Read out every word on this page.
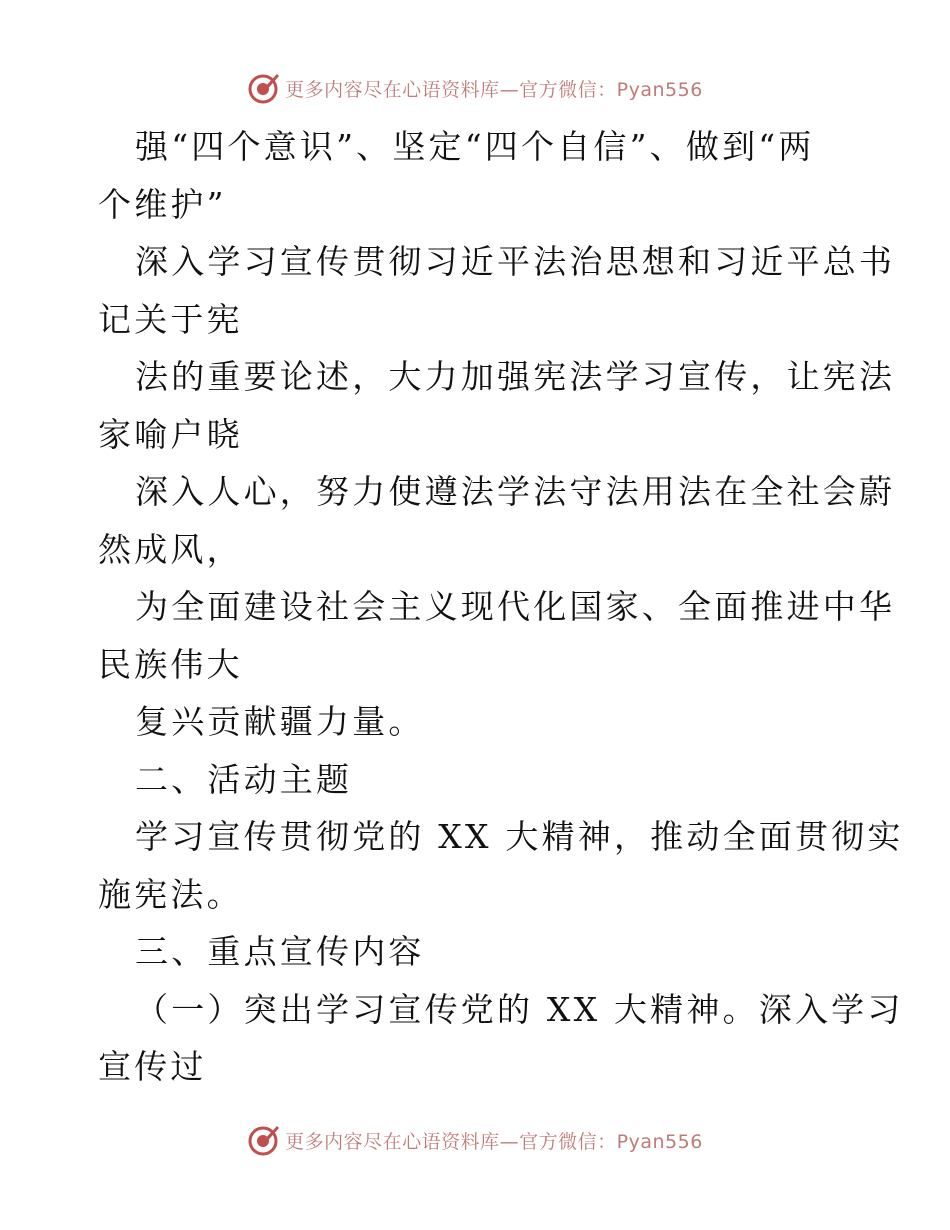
更多内容尽在心语资料库—官方微信：Pyan556
强“四个意识”、坚定“四个自信”、做到“两
个维护”
深入学习宣传贯彻习近平法治思想和习近平总书
记关于宪
法的重要论述，大力加强宪法学习宣传，让宪法
家喻户晓
深入人心，努力使遵法学法守法用法在全社会蔚
然成风，
为全面建设社会主义现代化国家、全面推进中华
民族伟大
复兴贡献疆力量。
二、活动主题
学习宣传贯彻党的 XX 大精神，推动全面贯彻实
施宪法。
三、重点宣传内容
（一）突出学习宣传党的 XX 大精神。深入学习
宣传过
更多内容尽在心语资料库—官方微信：Pyan556
